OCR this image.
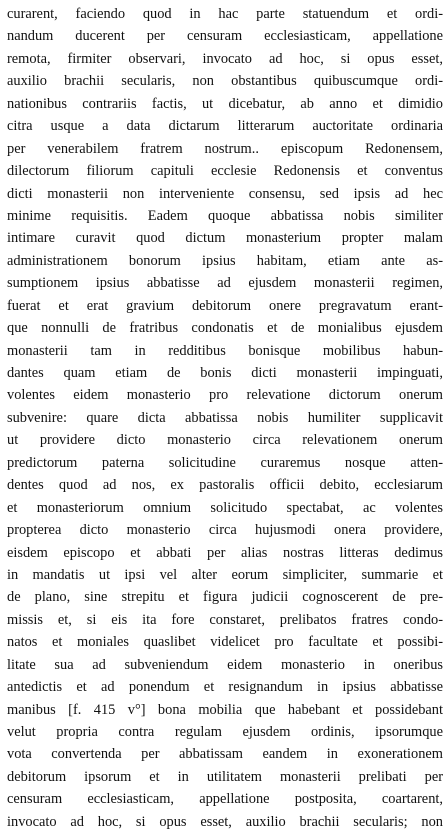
curarent, faciendo quod in hac parte statuendum et ordi-
nandum ducerent per censuram ecclesiasticam, appellatione
remota, firmiter observari, invocato ad hoc, si opus esset,
auxilio brachii secularis, non obstantibus quibuscumque ordi-
nationibus contrariis factis, ut dicebatur, ab anno et dimidio
citra usque a data dictarum litterarum auctoritate ordinaria
per venerabilem fratrem nostrum.. episcopum Redonensem,
dilectorum filiorum capituli ecclesie Redonensis et conventus
dicti monasterii non interveniente consensu, sed ipsis ad hec
minime requisitis. Eadem quoque abbatissa nobis similiter
intimare curavit quod dictum monasterium propter malam
administrationem bonorum ipsius habitam, etiam ante as-
sumptionem ipsius abbatisse ad ejusdem monasterii regimen,
fuerat et erat gravium debitorum onere pregravatum erant-
que nonnulli de fratribus condonatis et de monialibus ejusdem
monasterii tam in redditibus bonisque mobilibus habun-
dantes quam etiam de bonis dicti monasterii impinguati,
volentes eidem monasterio pro relevatione dictorum onerum
subvenire: quare dicta abbatissa nobis humiliter supplicavit
ut providere dicto monasterio circa relevationem onerum
predictorum paterna solicitudine curaremus nosque atten-
dentes quod ad nos, ex pastoralis officii debito, ecclesiarum
et monasteriorum omnium solicitudo spectabat, ac volentes
propterea dicto monasterio circa hujusmodi onera providere,
eisdem episcopo et abbati per alias nostras litteras dedimus
in mandatis ut ipsi vel alter eorum simpliciter, summarie et
de plano, sine strepitu et figura judicii cognoscerent de pre-
missis et, si eis ita fore constaret, prelibatos fratres condo-
natos et moniales quaslibet videlicet pro facultate et possibi-
litate sua ad subveniendum eidem monasterio in oneribus
antedictis et ad ponendum et resignandum in ipsius abbatisse
manibus [f. 415 v°] bona mobilia que habebant et possidebant
velut propria contra regulam ejusdem ordinis, ipsorumque
vota convertenda per abbatissam eandem in exonerationem
debitorum ipsorum et in utilitatem monasterii prelibati per
censuram ecclesiasticam, appellatione postposita, coartarent,
invocato ad hoc, si opus esset, auxilio brachii secularis; non
